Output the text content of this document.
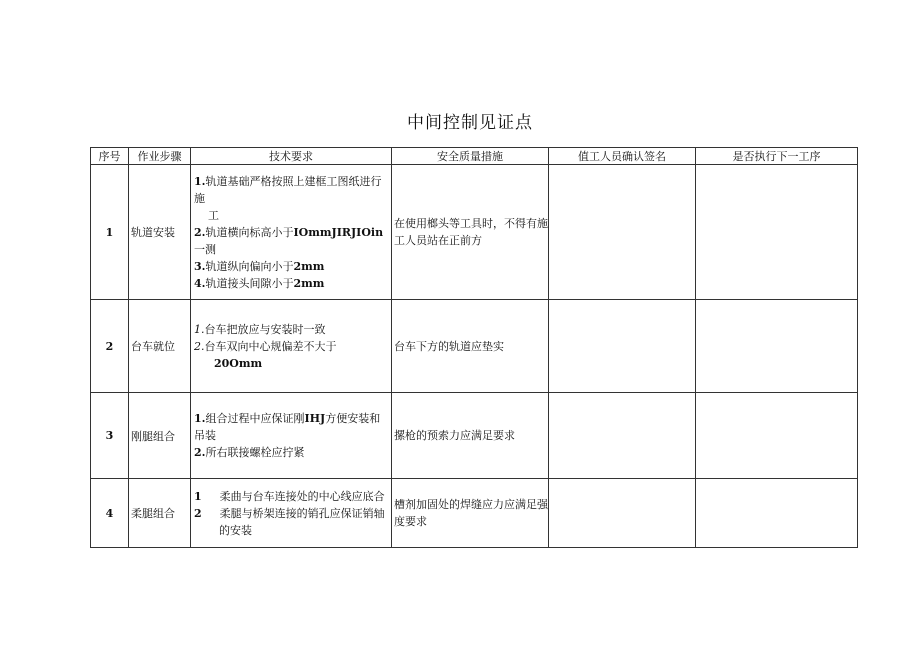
中间控制见证点
序号	作业步骤	技术要求	安全质量措施	值工人员确认签名	是否执行下一工序
1	轨道安装	1.轨道基础严格按照上建框工图纸进行施
工
2.轨道横向标高小于IOmmJIRJIOin一测
3.轨道纵向偏向小于2mm
4.轨道接头间隙小于2mm	在使用榔头等工具时，不得有施工人员站在正前方		
2	台车就位	1.台车把放应与安装时一致
2.台车双向中心规偏差不大于
20Omm	台车下方的轨道应垫实		
3	刚腿组合	1.组合过程中应保证刚IHJ方便安装和吊装
2.所右联接螺栓应拧紧	摞枪的预索力应满足要求		
4	柔腿组合	1 柔曲与台车连接处的中心线应底合
2 柔腿与桥架连接的销孔应保证销轴
的安装	槽剂加固处的焊缝应力应满足强度要求		
